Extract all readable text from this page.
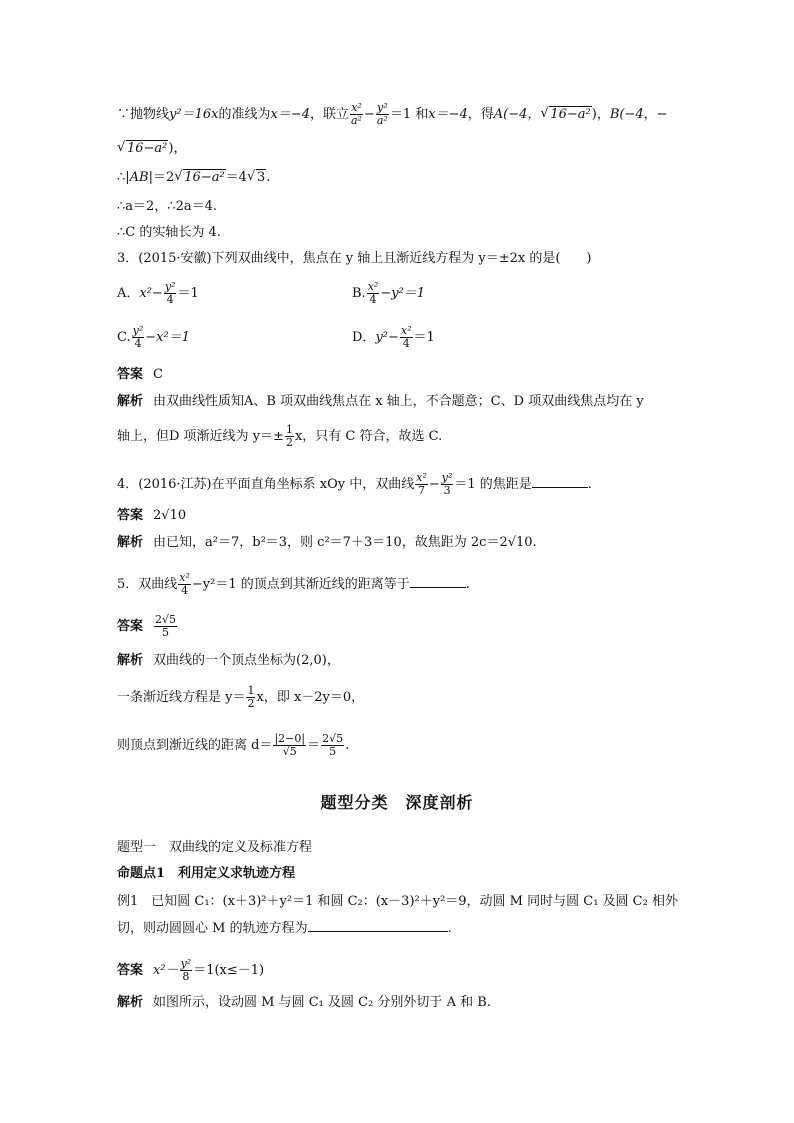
∵抛物线y²＝16x的准线为x＝−4，联立 $\frac{\text{x²}}{\text{a²}} - \frac{\text{y²}}{\text{a²}} =1$ 和x＝−4，得A(−4， √ 16−a²)，B(−4，−
√ 16−a²)，
∴|AB|＝2 √ 16−a²＝4 √ 3.
∴a＝2，∴2a＝4.
∴C 的实轴长为 4.
3．(2015·安徽)下列双曲线中，焦点在 y 轴上且渐近线方程为 y＝±2x 的是(　　)
A．$x^2- \frac{\text{y²}}{4} =1$	B. $\frac{\text{x²}}{4} -y^2=1$
C. $\frac{\text{y²}}{4} -x^2=1$	D．$y^2- \frac{\text{x²}}{4} =1$
答案 C
解析 由双曲线性质知A、B 项双曲线焦点在 x 轴上，不合题意；C、D 项双曲线焦点均在 y
轴上，但D 项渐近线为 $y=\pm \frac{1}{2}$ x，只有 C 符合，故选 C.
4．(2016·江苏)在平面直角坐标系 xOy 中，双曲线 $\frac{\text{x²}}{7} - \frac{\text{y²}}{3} =1$ 的焦距是	.
答案 2√10
解析 由已知，a²＝7，b²＝3，则 c²＝7＋3＝10，故焦距为 2c＝2√10.
5．双曲线 $\frac{\text{x²}}{4} -y^2=1$ 的顶点到其渐近线的距离等于	.
答案 $\frac{2√5}{5}$
解析 双曲线的一个顶点坐标为(2,0)，
一条渐近线方程是 $y= \frac{1}{2}$ x，即 x－2y＝0，
则顶点到渐近线的距离 $d= \frac{|2-0|}{√5} = \frac{2√5}{5}$ .
题型分类　深度剖析
题型一　双曲线的定义及标准方程
命题点1　利用定义求轨迹方程
例1　已知圆 C₁：(x＋3)²＋y²＝1 和圆 C₂：(x－3)²＋y²＝9，动圆 M 同时与圆 C₁ 及圆 C₂ 相外
切，则动圆圆心 M 的轨迹方程为	.
答案 $x^2- \frac{\text{y²}}{8} =1(x\le-1)$
解析 如图所示，设动圆 M 与圆 C₁ 及圆 C₂ 分别外切于 A 和 B.
